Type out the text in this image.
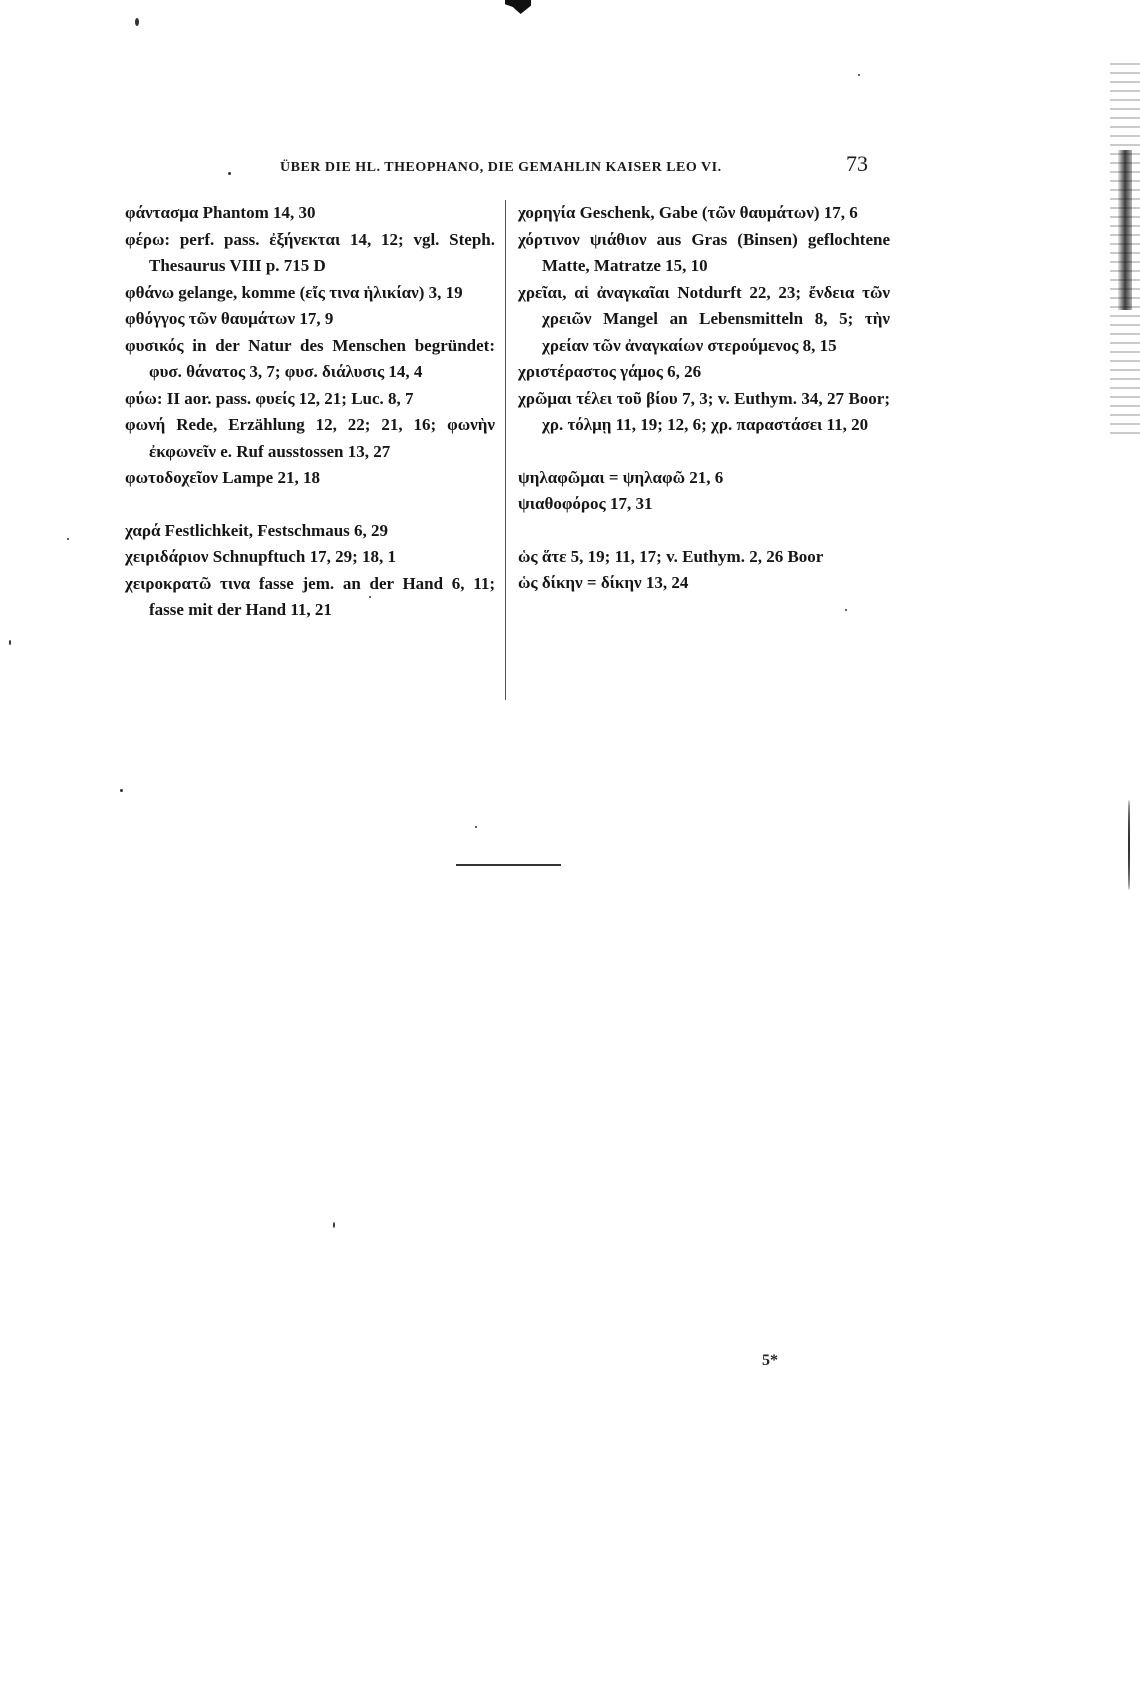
ÜBER DIE HL. THEOPHANO, DIE GEMAHLIN KAISER LEO VI.	73
φάντασμα Phantom 14, 30
φέρω: perf. pass. ἐξήνεκται 14, 12; vgl. Steph. Thesaurus VIII p. 715 D
φθάνω gelange, komme (εἴς τινα ἡλικίαν) 3, 19
φθόγγος τῶν θαυμάτων 17, 9
φυσικός in der Natur des Menschen begründet: φυσ. θάνατος 3, 7; φυσ. διάλυσις 14, 4
φύω: II aor. pass. φυείς 12, 21; Luc. 8, 7
φωνή Rede, Erzählung 12, 22; 21, 16; φωνὴν ἐκφωνεῖν e. Ruf ausstossen 13, 27
φωτοδοχεῖον Lampe 21, 18
χαρά Festlichkeit, Festschmaus 6, 29
χειριδάριον Schnupftuch 17, 29; 18, 1
χειροκρατῶ τινα fasse jem. an der Hand 6, 11; fasse mit der Hand 11, 21
χορηγία Geschenk, Gabe (τῶν θαυμάτων) 17, 6
χόρτινον ψιάθιον aus Gras (Binsen) geflochtene Matte, Matratze 15, 10
χρεῖαι, αἱ ἀναγκαῖαι Notdurft 22, 23; ἔνδεια τῶν χρειῶν Mangel an Lebensmitteln 8, 5; τὴν χρείαν τῶν ἀναγκαίων στερούμενος 8, 15
χριστέραστος γάμος 6, 26
χρῶμαι τέλει τοῦ βίου 7, 3; v. Euthym. 34, 27 Boor; χρ. τόλμῃ 11, 19; 12, 6; χρ. παραστάσει 11, 20
ψηλαφῶμαι = ψηλαφῶ 21, 6
ψιαθοφόρος 17, 31
ὡς ἅτε 5, 19; 11, 17; v. Euthym. 2, 26 Boor
ὡς δίκην = δίκην 13, 24
5*
